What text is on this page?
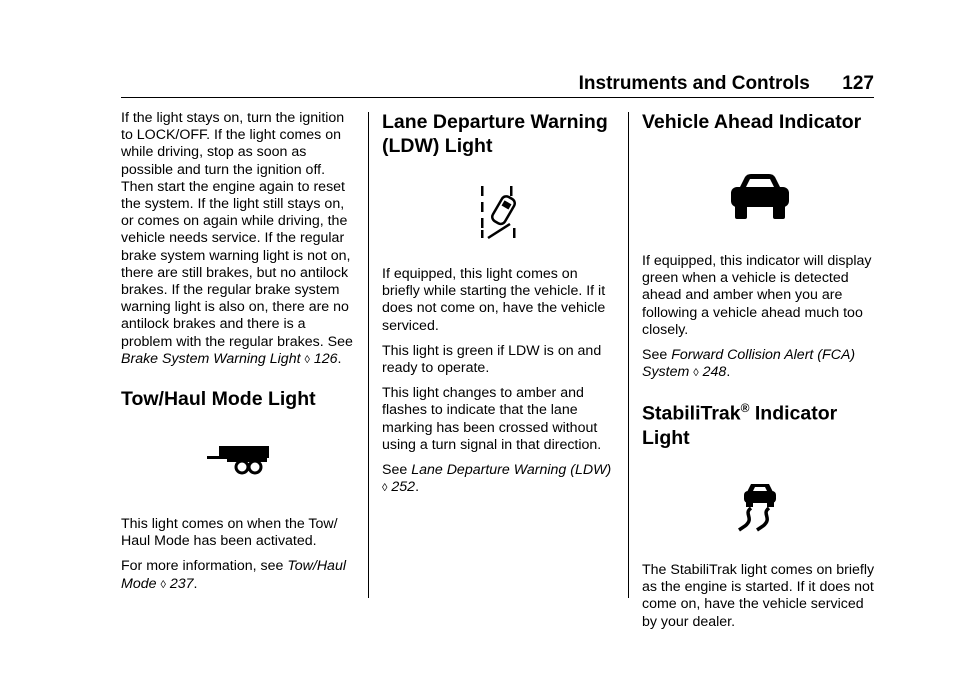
Instruments and Controls 127

If the light stays on, turn the ignition to LOCK/OFF. If the light comes on while driving, stop as soon as possible and turn the ignition off. Then start the engine again to reset the system. If the light still stays on, or comes on again while driving, the vehicle needs service. If the regular brake system warning light is not on, there are still brakes, but no antilock brakes. If the regular brake system warning light is also on, there are no antilock brakes and there is a problem with the regular brakes. See Brake System Warning Light ◊ 126.

Tow/Haul Mode Light

This light comes on when the Tow/ Haul Mode has been activated.

For more information, see Tow/Haul Mode ◊ 237.

Lane Departure Warning (LDW) Light

If equipped, this light comes on briefly while starting the vehicle. If it does not come on, have the vehicle serviced.

This light is green if LDW is on and ready to operate.

This light changes to amber and flashes to indicate that the lane marking has been crossed without using a turn signal in that direction.

See Lane Departure Warning (LDW) ◊ 252.

Vehicle Ahead Indicator

If equipped, this indicator will display green when a vehicle is detected ahead and amber when you are following a vehicle ahead much too closely.

See Forward Collision Alert (FCA) System ◊ 248.

StabiliTrak® Indicator Light

The StabiliTrak light comes on briefly as the engine is started. If it does not come on, have the vehicle serviced by your dealer.
